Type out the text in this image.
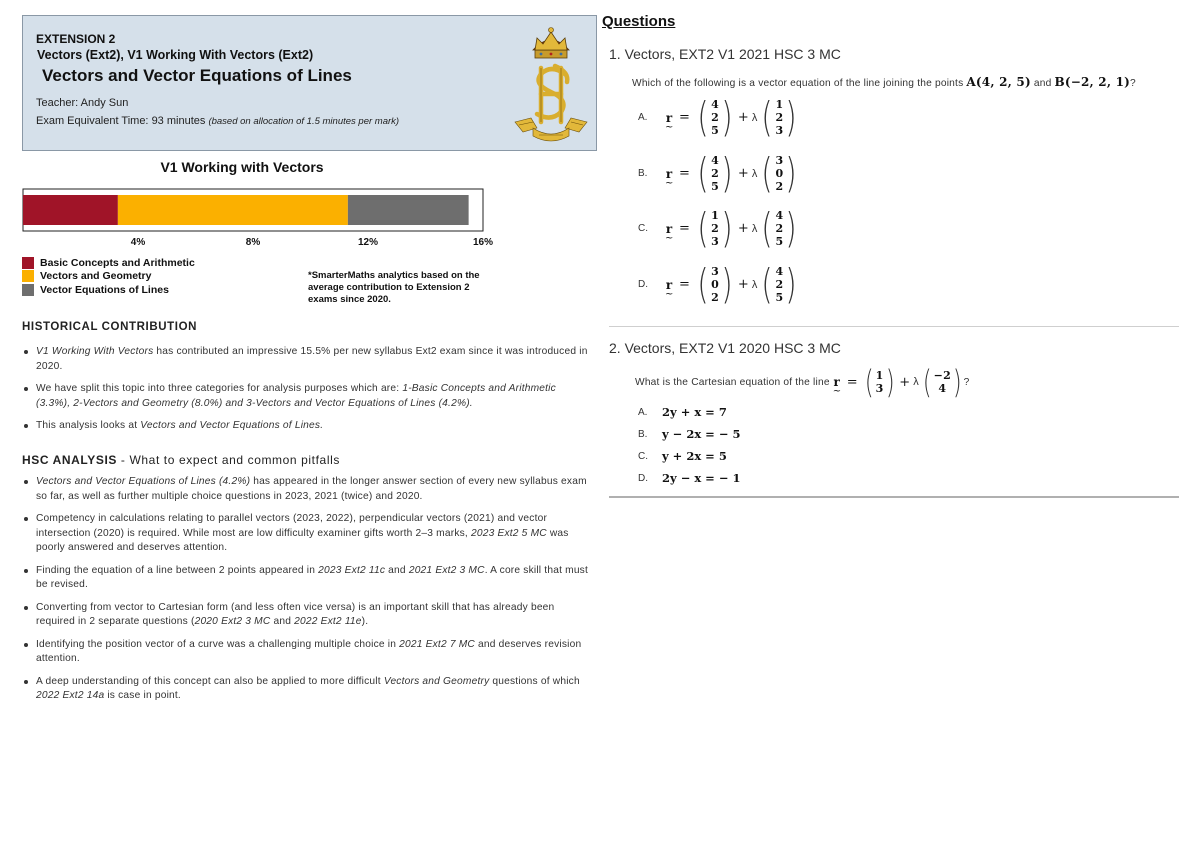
EXTENSION 2
Vectors (Ext2), V1 Working With Vectors (Ext2)
Vectors and Vector Equations of Lines
Teacher: Andy Sun
Exam Equivalent Time: 93 minutes (based on allocation of 1.5 minutes per mark)
V1 Working with Vectors
4%	8%	12%	16%
Basic Concepts and Arithmetic
Vectors and Geometry
Vector Equations of Lines
*SmarterMaths analytics based on the average contribution to Extension 2 exams since 2020.
HISTORICAL CONTRIBUTION
V1 Working With Vectors has contributed an impressive 15.5% per new syllabus Ext2 exam since it was introduced in 2020.
We have split this topic into three categories for analysis purposes which are: 1-Basic Concepts and Arithmetic (3.3%), 2-Vectors and Geometry (8.0%) and 3-Vectors and Vector Equations of Lines (4.2%).
This analysis looks at Vectors and Vector Equations of Lines.
HSC ANALYSIS - What to expect and common pitfalls
Vectors and Vector Equations of Lines (4.2%) has appeared in the longer answer section of every new syllabus exam so far, as well as further multiple choice questions in 2023, 2021 (twice) and 2020.
Competency in calculations relating to parallel vectors (2023, 2022), perpendicular vectors (2021) and vector intersection (2020) is required. While most are low difficulty examiner gifts worth 2–3 marks, 2023 Ext2 5 MC was poorly answered and deserves attention.
Finding the equation of a line between 2 points appeared in 2023 Ext2 11c and 2021 Ext2 3 MC. A core skill that must be revised.
Converting from vector to Cartesian form (and less often vice versa) is an important skill that has already been required in 2 separate questions (2020 Ext2 3 MC and 2022 Ext2 11e).
Identifying the position vector of a curve was a challenging multiple choice in 2021 Ext2 7 MC and deserves revision attention.
A deep understanding of this concept can also be applied to more difficult Vectors and Geometry questions of which 2022 Ext2 14a is case in point.
Questions
1. Vectors, EXT2 V1 2021 HSC 3 MC
Which of the following is a vector equation of the line joining the points A(4, 2, 5) and B(−2, 2, 1)?
A.	r
~
= ( 4
2
5 ) + λ ( 1
2
3 )
B.	r
~
= ( 4
2
5 ) + λ ( 3
0
2 )
C.	r
~
= ( 1
2
3 ) + λ ( 4
2
5 )
D.	r
~
= ( 3
0
2 ) + λ ( 4
2
5 )
2. Vectors, EXT2 V1 2020 HSC 3 MC
What is the Cartesian equation of the line r
~
= ( 1
3 ) + λ ( −2
4 ) ?
A.	2y + x = 7
B.	y − 2x = − 5
C.	y + 2x = 5
D.	2y − x = − 1
